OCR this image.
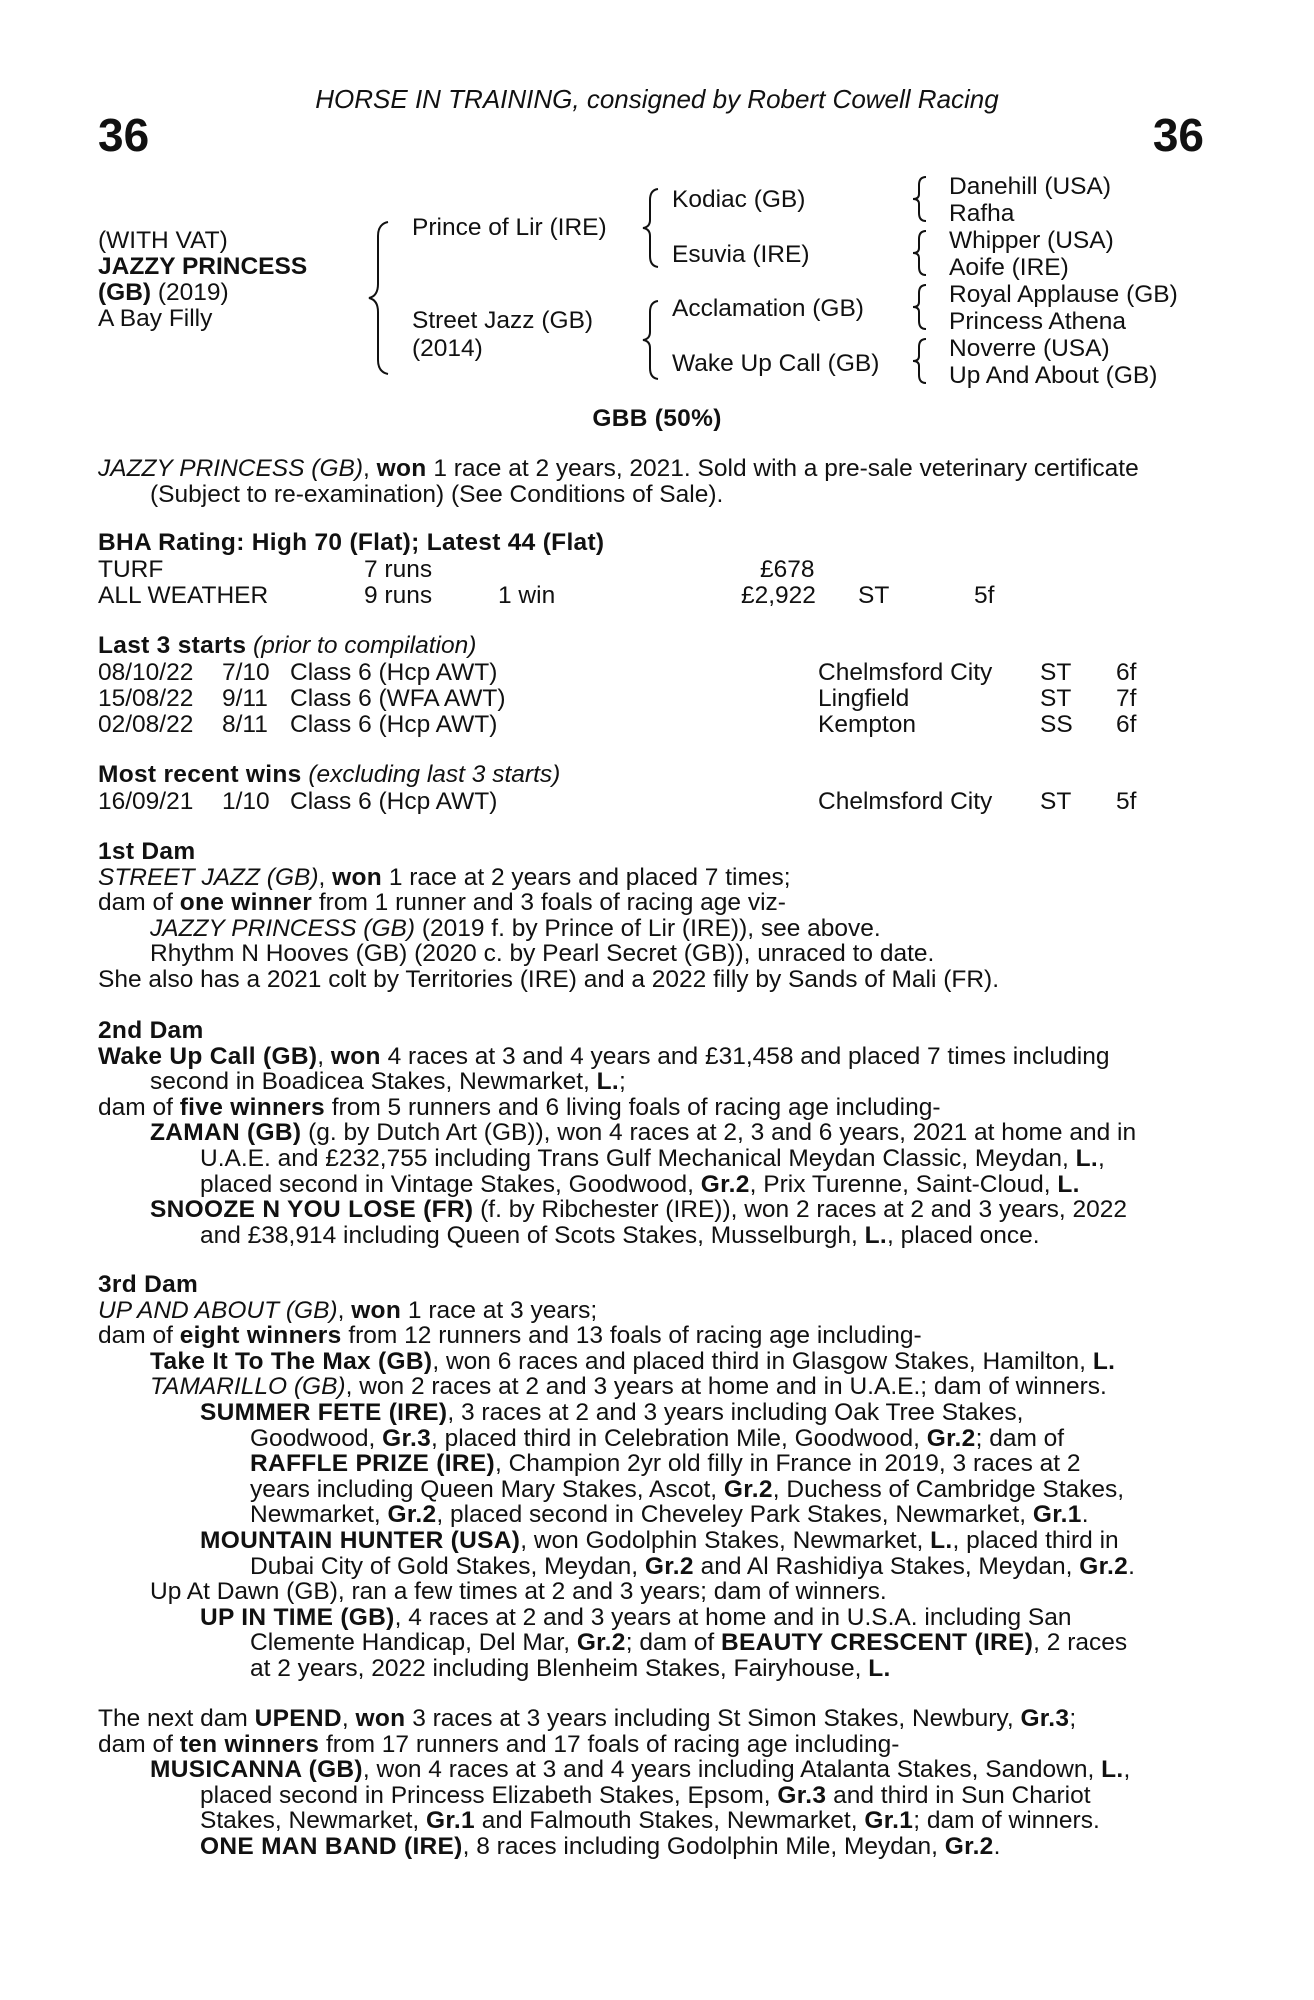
HORSE IN TRAINING, consigned by Robert Cowell Racing
36	36
(WITH VAT)
JAZZY PRINCESS
(GB) (2019)
A Bay Filly
Prince of Lir (IRE)
Street Jazz (GB)
(2014)
Kodiac (GB)
Esuvia (IRE)
Acclamation (GB)
Wake Up Call (GB)
Danehill (USA)
Rafha
Whipper (USA)
Aoife (IRE)
Royal Applause (GB)
Princess Athena
Noverre (USA)
Up And About (GB)
GBB (50%)
JAZZY PRINCESS (GB), won 1 race at 2 years, 2021. Sold with a pre-sale veterinary certificate
(Subject to re-examination) (See Conditions of Sale).
BHA Rating: High 70 (Flat); Latest 44 (Flat)
TURF	7 runs	£678
ALL WEATHER	9 runs	1 win	£2,922 ST	5f
Last 3 starts (prior to compilation)
08/10/22 7/10 Class 6 (Hcp AWT)	Chelmsford City ST 6f
15/08/22 9/11 Class 6 (WFA AWT)	Lingfield	ST 7f
02/08/22 8/11 Class 6 (Hcp AWT)	Kempton	SS 6f
Most recent wins (excluding last 3 starts)
16/09/21 1/10 Class 6 (Hcp AWT)	Chelmsford City ST 5f
1st Dam
STREET JAZZ (GB), won 1 race at 2 years and placed 7 times;
dam of one winner from 1 runner and 3 foals of racing age viz-
JAZZY PRINCESS (GB) (2019 f. by Prince of Lir (IRE)), see above.
Rhythm N Hooves (GB) (2020 c. by Pearl Secret (GB)), unraced to date.
She also has a 2021 colt by Territories (IRE) and a 2022 filly by Sands of Mali (FR).
2nd Dam
Wake Up Call (GB), won 4 races at 3 and 4 years and £31,458 and placed 7 times including
second in Boadicea Stakes, Newmarket, L.;
dam of five winners from 5 runners and 6 living foals of racing age including-
ZAMAN (GB) (g. by Dutch Art (GB)), won 4 races at 2, 3 and 6 years, 2021 at home and in
U.A.E. and £232,755 including Trans Gulf Mechanical Meydan Classic, Meydan, L.,
placed second in Vintage Stakes, Goodwood, Gr.2, Prix Turenne, Saint-Cloud, L.
SNOOZE N YOU LOSE (FR) (f. by Ribchester (IRE)), won 2 races at 2 and 3 years, 2022
and £38,914 including Queen of Scots Stakes, Musselburgh, L., placed once.
3rd Dam
UP AND ABOUT (GB), won 1 race at 3 years;
dam of eight winners from 12 runners and 13 foals of racing age including-
Take It To The Max (GB), won 6 races and placed third in Glasgow Stakes, Hamilton, L.
TAMARILLO (GB), won 2 races at 2 and 3 years at home and in U.A.E.; dam of winners.
SUMMER FETE (IRE), 3 races at 2 and 3 years including Oak Tree Stakes,
Goodwood, Gr.3, placed third in Celebration Mile, Goodwood, Gr.2; dam of
RAFFLE PRIZE (IRE), Champion 2yr old filly in France in 2019, 3 races at 2
years including Queen Mary Stakes, Ascot, Gr.2, Duchess of Cambridge Stakes,
Newmarket, Gr.2, placed second in Cheveley Park Stakes, Newmarket, Gr.1.
MOUNTAIN HUNTER (USA), won Godolphin Stakes, Newmarket, L., placed third in
Dubai City of Gold Stakes, Meydan, Gr.2 and Al Rashidiya Stakes, Meydan, Gr.2.
Up At Dawn (GB), ran a few times at 2 and 3 years; dam of winners.
UP IN TIME (GB), 4 races at 2 and 3 years at home and in U.S.A. including San
Clemente Handicap, Del Mar, Gr.2; dam of BEAUTY CRESCENT (IRE), 2 races
at 2 years, 2022 including Blenheim Stakes, Fairyhouse, L.
The next dam UPEND, won 3 races at 3 years including St Simon Stakes, Newbury, Gr.3;
dam of ten winners from 17 runners and 17 foals of racing age including-
MUSICANNA (GB), won 4 races at 3 and 4 years including Atalanta Stakes, Sandown, L.,
placed second in Princess Elizabeth Stakes, Epsom, Gr.3 and third in Sun Chariot
Stakes, Newmarket, Gr.1 and Falmouth Stakes, Newmarket, Gr.1; dam of winners.
ONE MAN BAND (IRE), 8 races including Godolphin Mile, Meydan, Gr.2.
